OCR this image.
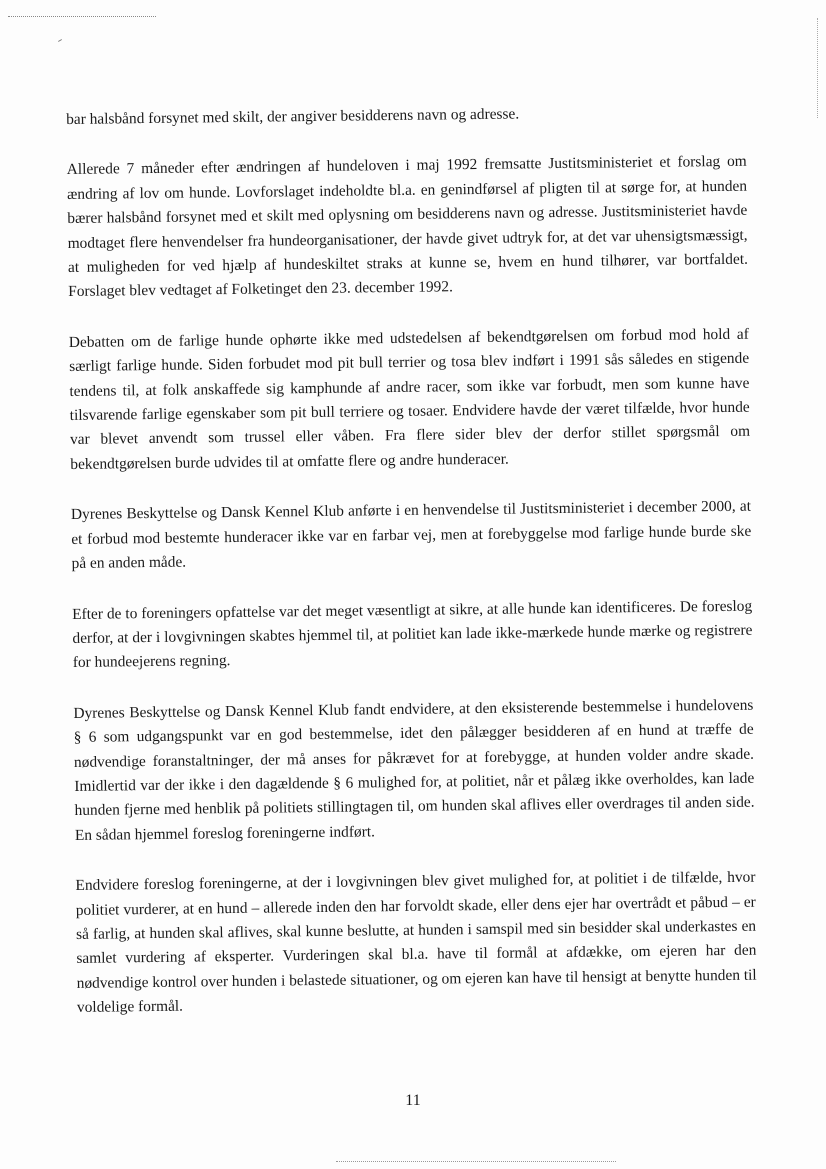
bar halsbånd forsynet med skilt, der angiver besidderens navn og adresse.

Allerede 7 måneder efter ændringen af hundeloven i maj 1992 fremsatte Justitsministeriet et forslag om ændring af lov om hunde. Lovforslaget indeholdte bl.a. en genindførsel af pligten til at sørge for, at hunden bærer halsbånd forsynet med et skilt med oplysning om besidderens navn og adresse. Justitsministeriet havde modtaget flere henvendelser fra hundeorganisationer, der havde givet udtryk for, at det var uhensigtsmæssigt, at muligheden for ved hjælp af hundeskiltet straks at kunne se, hvem en hund tilhører, var bortfaldet. Forslaget blev vedtaget af Folketinget den 23. december 1992.

Debatten om de farlige hunde ophørte ikke med udstedelsen af bekendtgørelsen om forbud mod hold af særligt farlige hunde. Siden forbudet mod pit bull terrier og tosa blev indført i 1991 sås således en stigende tendens til, at folk anskaffede sig kamphunde af andre racer, som ikke var forbudt, men som kunne have tilsvarende farlige egenskaber som pit bull terriere og tosaer. Endvidere havde der været tilfælde, hvor hunde var blevet anvendt som trussel eller våben. Fra flere sider blev der derfor stillet spørgsmål om bekendtgørelsen burde udvides til at omfatte flere og andre hunderacer.

Dyrenes Beskyttelse og Dansk Kennel Klub anførte i en henvendelse til Justitsministeriet i december 2000, at et forbud mod bestemte hunderacer ikke var en farbar vej, men at forebyggelse mod farlige hunde burde ske på en anden måde.

Efter de to foreningers opfattelse var det meget væsentligt at sikre, at alle hunde kan identificeres. De foreslog derfor, at der i lovgivningen skabtes hjemmel til, at politiet kan lade ikke-mærkede hunde mærke og registrere for hundeejerens regning.

Dyrenes Beskyttelse og Dansk Kennel Klub fandt endvidere, at den eksisterende bestemmelse i hundelovens § 6 som udgangspunkt var en god bestemmelse, idet den pålægger besidderen af en hund at træffe de nødvendige foranstaltninger, der må anses for påkrævet for at forebygge, at hunden volder andre skade. Imidlertid var der ikke i den dagældende § 6 mulighed for, at politiet, når et pålæg ikke overholdes, kan lade hunden fjerne med henblik på politiets stillingtagen til, om hunden skal aflives eller overdrages til anden side. En sådan hjemmel foreslog foreningerne indført.

Endvidere foreslog foreningerne, at der i lovgivningen blev givet mulighed for, at politiet i de tilfælde, hvor politiet vurderer, at en hund – allerede inden den har forvoldt skade, eller dens ejer har overtrådt et påbud – er så farlig, at hunden skal aflives, skal kunne beslutte, at hunden i samspil med sin besidder skal underkastes en samlet vurdering af eksperter. Vurderingen skal bl.a. have til formål at afdække, om ejeren har den nødvendige kontrol over hunden i belastede situationer, og om ejeren kan have til hensigt at benytte hunden til voldelige formål.

11
